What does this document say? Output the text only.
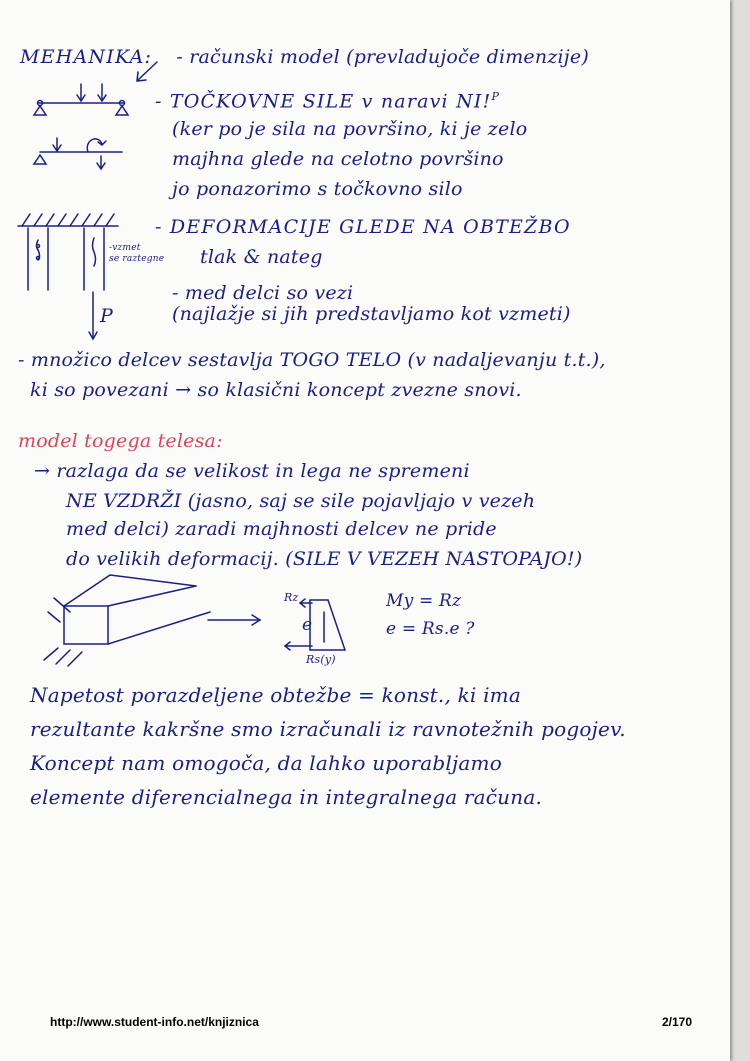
MEHANIKA: - računski model (prevladujoče dimenzije)
- TOČKOVNE SILE v naravi NI!$^P$
(ker po je sila na površino, ki je zelo
majhna glede na celotno površino
jo ponazorimo s točkovno silo
- DEFORMACIJE GLEDE NA OBTEŽBO
-vzmet
se raztegne tlak & nateg
- med delci so vezi
(najlažje si jih predstavljamo kot vzmeti)
P
- množico delcev sestavlja TOGO TELO (v nadaljevanju t.t.),
ki so povezani → so klasični koncept zvezne snovi.
model togega telesa:
→ razlaga da se velikost in lega ne spremeni
NE VZDRŽI (jasno, saj se sile pojavljajo v vezeh
med delci) zaradi majhnosti delcev ne pride
do velikih deformacij. (SILE V VEZEH NASTOPAJO!)
Rz
e
Rs(y)
My = Rz
e = Rs.e ?
Napetost porazdeljene obtežbe = konst., ki ima
rezultante kakršne smo izračunali iz ravnotežnih pogojev.
Koncept nam omogoča, da lahko uporabljamo
elemente diferencialnega in integralnega računa.
http://www.student-info.net/knjiznica	2/170
